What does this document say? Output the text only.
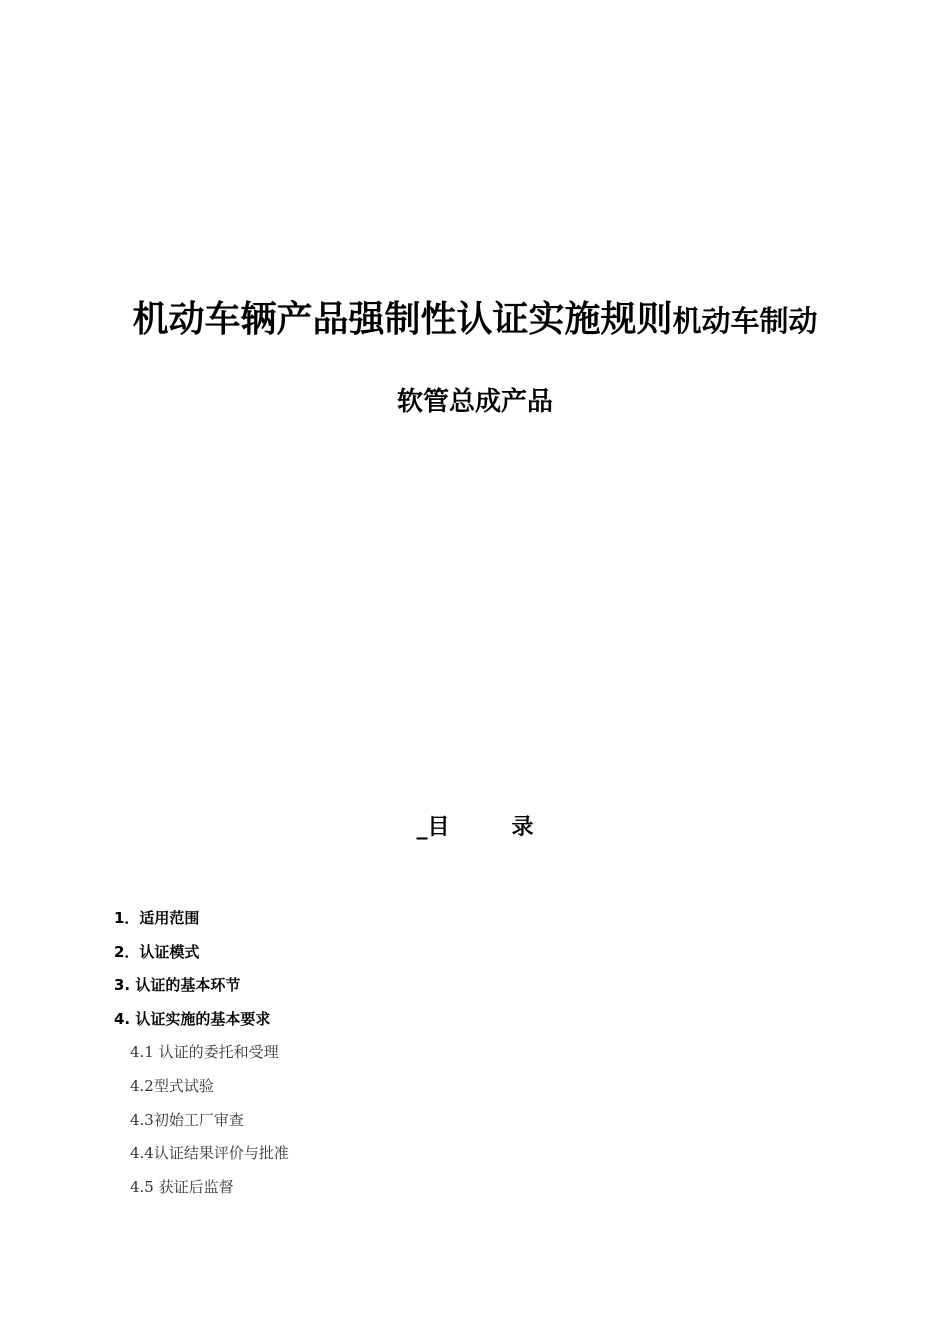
机动车辆产品强制性认证实施规则机动车制动
软管总成产品
_目	录
1．适用范围
2．认证模式
3. 认证的基本环节
4. 认证实施的基本要求
4.1 认证的委托和受理
4.2型式试验
4.3初始工厂审查
4.4认证结果评价与批准
4.5 获证后监督
